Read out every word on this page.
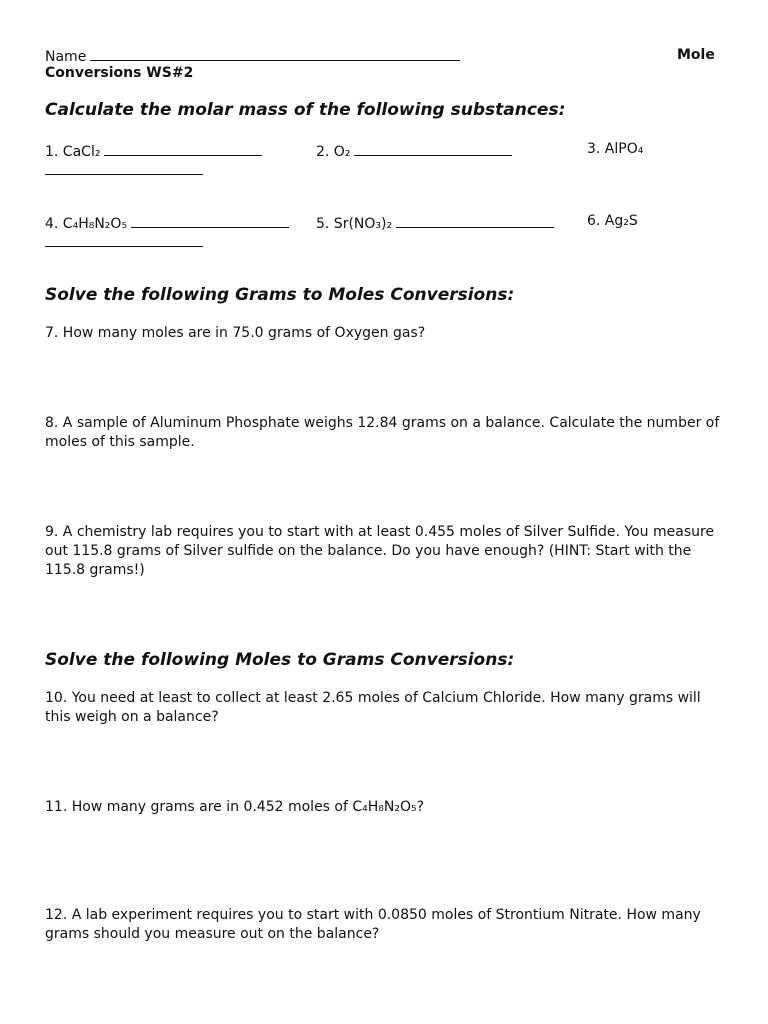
Name	Mole
Conversions WS#2
Calculate the molar mass of the following substances:
1. CaCl₂	2. O₂	3. AlPO₄
4. C₄H₈N₂O₅	5. Sr(NO₃)₂	6. Ag₂S
Solve the following Grams to Moles Conversions:
7. How many moles are in 75.0 grams of Oxygen gas?
8. A sample of Aluminum Phosphate weighs 12.84 grams on a balance. Calculate the number of moles of this sample.
9. A chemistry lab requires you to start with at least 0.455 moles of Silver Sulfide. You measure out 115.8 grams of Silver sulfide on the balance. Do you have enough? (HINT: Start with the 115.8 grams!)
Solve the following Moles to Grams Conversions:
10. You need at least to collect at least 2.65 moles of Calcium Chloride. How many grams will this weigh on a balance?
11. How many grams are in 0.452 moles of C₄H₈N₂O₅?
12. A lab experiment requires you to start with 0.0850 moles of Strontium Nitrate. How many grams should you measure out on the balance?
